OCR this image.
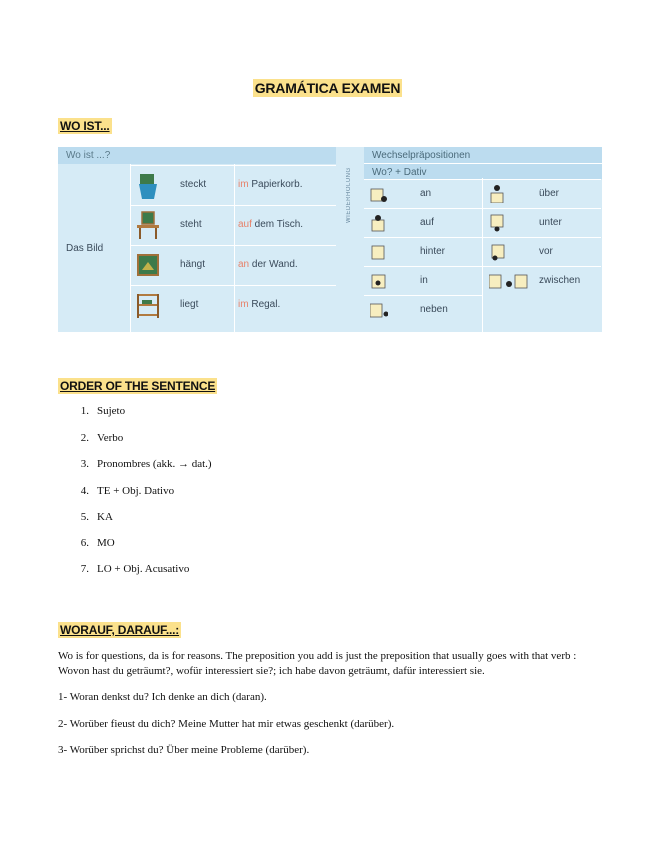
GRAMÁTICA EXAMEN
WO IST...
Wo ist ...?
Das Bild
steckt	im Papierkorb.
steht	auf dem Tisch.
hängt	an der Wand.
liegt	im Regal.
WIEDERHOLUNG
Wechselpräpositionen
Wo? + Dativ
an
auf
hinter
in
neben
über
unter
vor
zwischen
ORDER OF THE SENTENCE
1. Sujeto
2. Verbo
3. Pronombres (akk. → dat.)
4. TE + Obj. Dativo
5. KA
6. MO
7. LO + Obj. Acusativo
WORAUF, DARAUF...:
Wo is for questions, da is for reasons. The preposition you add is just the preposition that usually goes with that verb : Wovon hast du geträumt?, wofür interessiert sie?; ich habe davon geträumt, dafür interessiert sie.
1- Woran denkst du? Ich denke an dich (daran).
2- Worüber fieust du dich? Meine Mutter hat mir etwas geschenkt (darüber).
3- Worüber sprichst du? Über meine Probleme (darüber).
